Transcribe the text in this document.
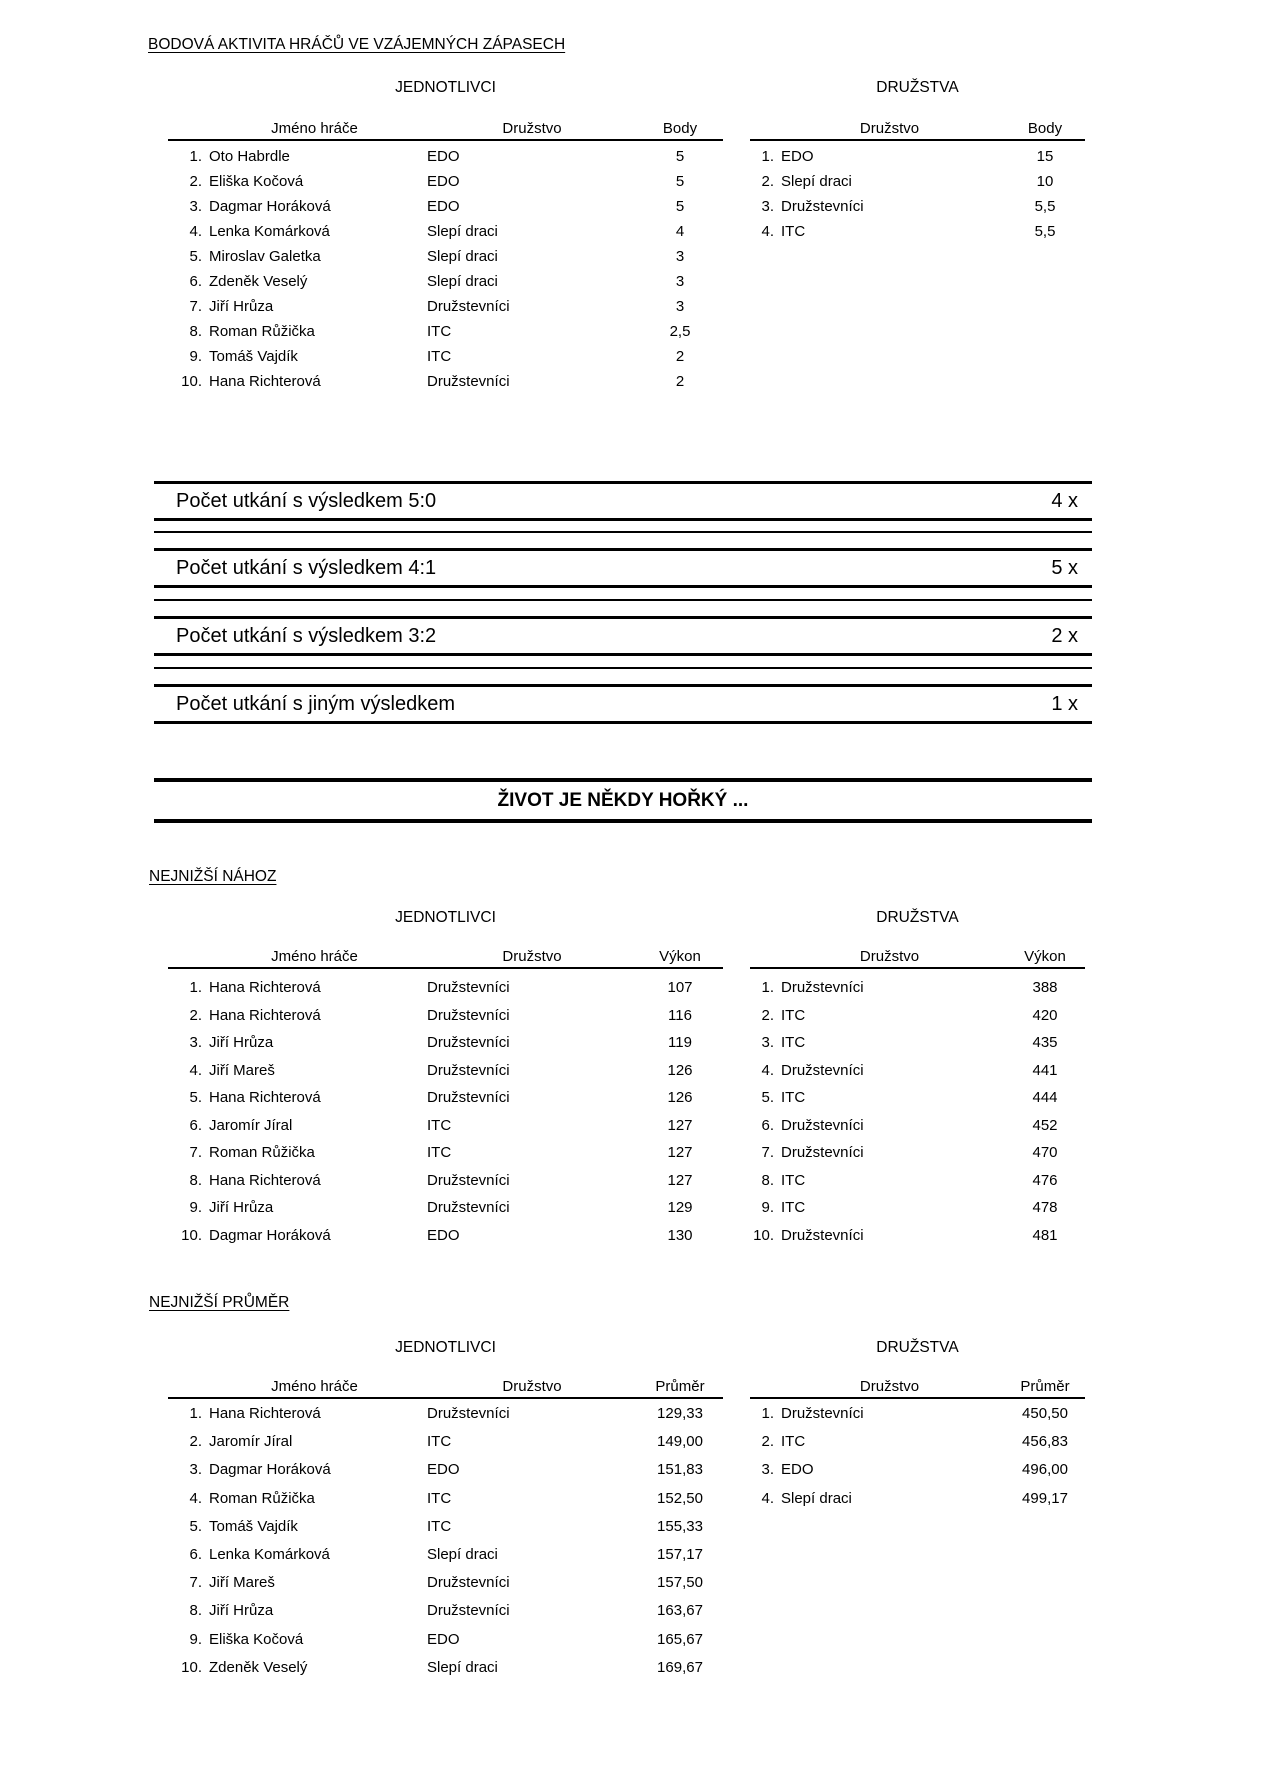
BODOVÁ AKTIVITA HRÁČŮ VE VZÁJEMNÝCH ZÁPASECH
JEDNOTLIVCI	DRUŽSTVA
Jméno hráče	Družstvo	Body
1. Oto Habrdle	EDO	5
2. Eliška Kočová	EDO	5
3. Dagmar Horáková	EDO	5
4. Lenka Komárková	Slepí draci	4
5. Miroslav Galetka	Slepí draci	3
6. Zdeněk Veselý	Slepí draci	3
7. Jiří Hrůza	Družstevníci	3
8. Roman Růžička	ITC	2,5
9. Tomáš Vajdík	ITC	2
10. Hana Richterová	Družstevníci	2
Družstvo	Body
1. EDO	15
2. Slepí draci	10
3. Družstevníci	5,5
4. ITC	5,5
Počet utkání s výsledkem 5:0	4 x
Počet utkání s výsledkem 4:1	5 x
Počet utkání s výsledkem 3:2	2 x
Počet utkání s jiným výsledkem	1 x
ŽIVOT JE NĚKDY HOŘKÝ ...
NEJNIŽŠÍ NÁHOZ
JEDNOTLIVCI	DRUŽSTVA
Jméno hráče	Družstvo	Výkon
1. Hana Richterová	Družstevníci	107
2. Hana Richterová	Družstevníci	116
3. Jiří Hrůza	Družstevníci	119
4. Jiří Mareš	Družstevníci	126
5. Hana Richterová	Družstevníci	126
6. Jaromír Jíral	ITC	127
7. Roman Růžička	ITC	127
8. Hana Richterová	Družstevníci	127
9. Jiří Hrůza	Družstevníci	129
10. Dagmar Horáková	EDO	130
Družstvo	Výkon
1. Družstevníci	388
2. ITC	420
3. ITC	435
4. Družstevníci	441
5. ITC	444
6. Družstevníci	452
7. Družstevníci	470
8. ITC	476
9. ITC	478
10. Družstevníci	481
NEJNIŽŠÍ PRŮMĚR
JEDNOTLIVCI	DRUŽSTVA
Jméno hráče	Družstvo	Průměr
1. Hana Richterová	Družstevníci	129,33
2. Jaromír Jíral	ITC	149,00
3. Dagmar Horáková	EDO	151,83
4. Roman Růžička	ITC	152,50
5. Tomáš Vajdík	ITC	155,33
6. Lenka Komárková	Slepí draci	157,17
7. Jiří Mareš	Družstevníci	157,50
8. Jiří Hrůza	Družstevníci	163,67
9. Eliška Kočová	EDO	165,67
10. Zdeněk Veselý	Slepí draci	169,67
Družstvo	Průměr
1. Družstevníci	450,50
2. ITC	456,83
3. EDO	496,00
4. Slepí draci	499,17
